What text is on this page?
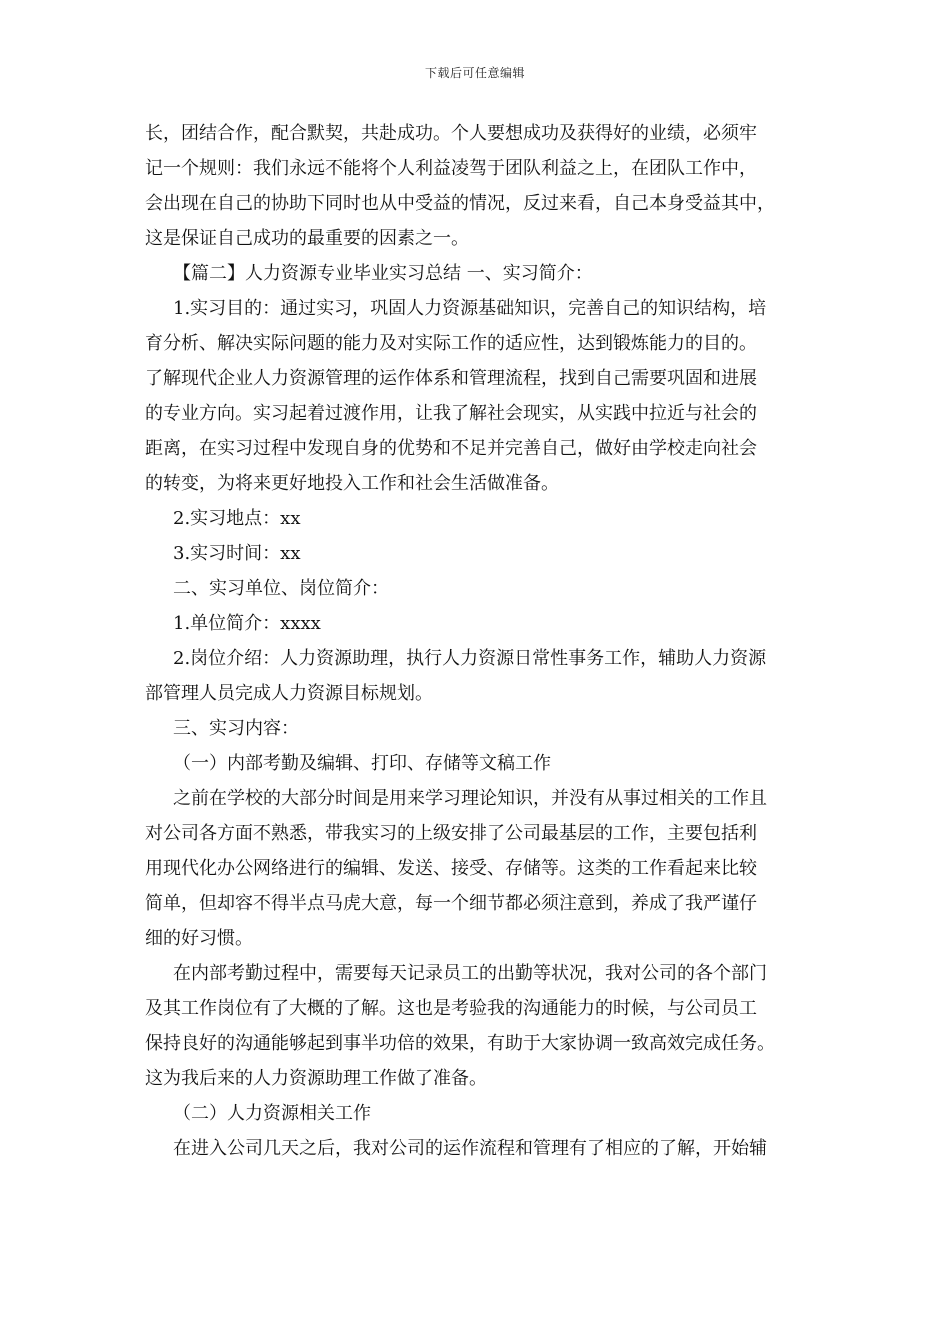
下载后可任意编辑
长，团结合作，配合默契，共赴成功。个人要想成功及获得好的业绩，必须牢
记一个规则：我们永远不能将个人利益凌驾于团队利益之上，在团队工作中，
会出现在自己的协助下同时也从中受益的情况，反过来看，自己本身受益其中，
这是保证自己成功的最重要的因素之一。
【篇二】人力资源专业毕业实习总结 一、实习简介：
1.实习目的：通过实习，巩固人力资源基础知识，完善自己的知识结构，培
育分析、解决实际问题的能力及对实际工作的适应性，达到锻炼能力的目的。
了解现代企业人力资源管理的运作体系和管理流程，找到自己需要巩固和进展
的专业方向。实习起着过渡作用，让我了解社会现实，从实践中拉近与社会的
距离，在实习过程中发现自身的优势和不足并完善自己，做好由学校走向社会
的转变，为将来更好地投入工作和社会生活做准备。
2.实习地点：xx
3.实习时间：xx
二、实习单位、岗位简介：
1.单位简介：xxxx
2.岗位介绍：人力资源助理，执行人力资源日常性事务工作，辅助人力资源
部管理人员完成人力资源目标规划。
三、实习内容：
（一）内部考勤及编辑、打印、存储等文稿工作
之前在学校的大部分时间是用来学习理论知识，并没有从事过相关的工作且
对公司各方面不熟悉，带我实习的上级安排了公司最基层的工作，主要包括利
用现代化办公网络进行的编辑、发送、接受、存储等。这类的工作看起来比较
简单，但却容不得半点马虎大意，每一个细节都必须注意到，养成了我严谨仔
细的好习惯。
在内部考勤过程中，需要每天记录员工的出勤等状况，我对公司的各个部门
及其工作岗位有了大概的了解。这也是考验我的沟通能力的时候，与公司员工
保持良好的沟通能够起到事半功倍的效果，有助于大家协调一致高效完成任务。
这为我后来的人力资源助理工作做了准备。
（二）人力资源相关工作
在进入公司几天之后，我对公司的运作流程和管理有了相应的了解，开始辅
